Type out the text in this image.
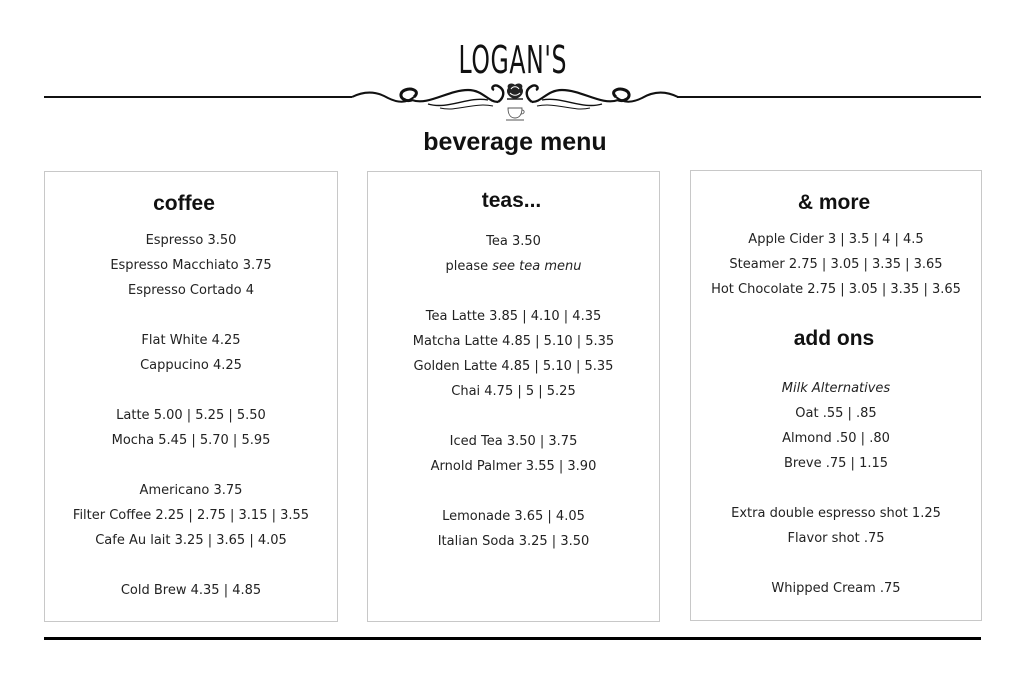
LOGAN'S
beverage menu
coffee
Espresso 3.50
Espresso Macchiato 3.75
Espresso Cortado 4
Flat White 4.25
Cappucino 4.25
Latte 5.00 | 5.25 | 5.50
Mocha 5.45 | 5.70 | 5.95
Americano 3.75
Filter Coffee 2.25 | 2.75 | 3.15 | 3.55
Cafe Au lait 3.25 | 3.65 | 4.05
Cold Brew 4.35 | 4.85
teas...
Tea 3.50
please see tea menu
Tea Latte 3.85 | 4.10 | 4.35
Matcha Latte 4.85 | 5.10 | 5.35
Golden Latte 4.85 | 5.10 | 5.35
Chai 4.75 | 5 | 5.25
Iced Tea 3.50 | 3.75
Arnold Palmer 3.55 | 3.90
Lemonade 3.65 | 4.05
Italian Soda 3.25 | 3.50
& more
Apple Cider 3 | 3.5 | 4 | 4.5
Steamer 2.75 | 3.05 | 3.35 | 3.65
Hot Chocolate 2.75 | 3.05 | 3.35 | 3.65
add ons
Milk Alternatives
Oat .55 | .85
Almond .50 | .80
Breve .75 | 1.15
Extra double espresso shot 1.25
Flavor shot .75
Whipped Cream .75
